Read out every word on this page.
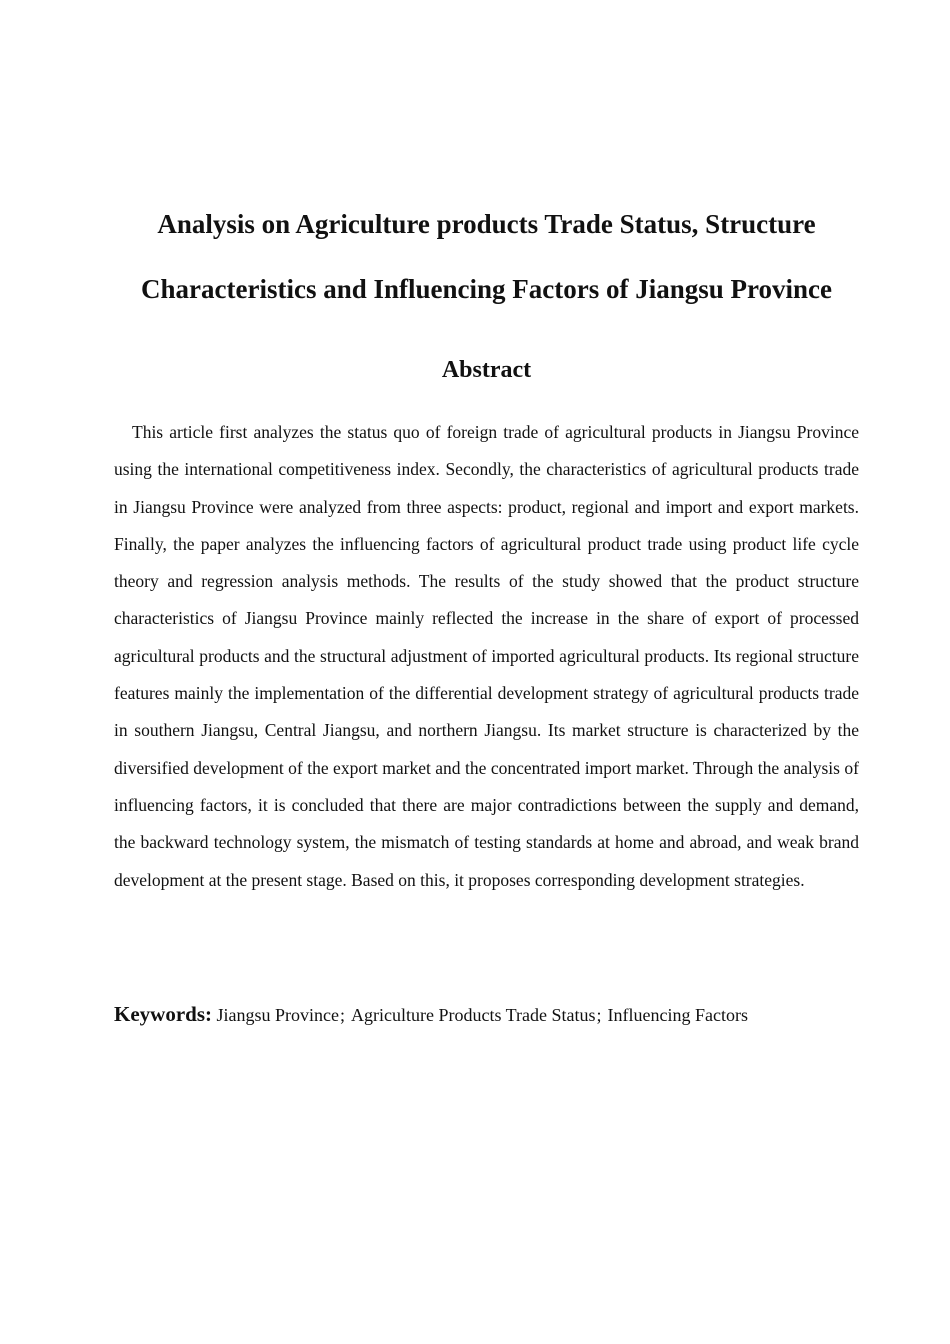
Analysis on Agriculture products Trade Status, Structure
Characteristics and Influencing Factors of Jiangsu Province
Abstract

This article first analyzes the status quo of foreign trade of agricultural products in Jiangsu Province using the international competitiveness index. Secondly, the characteristics of agricultural products trade in Jiangsu Province were analyzed from three aspects: product, regional and import and export markets. Finally, the paper analyzes the influencing factors of agricultural product trade using product life cycle theory and regression analysis methods. The results of the study showed that the product structure characteristics of Jiangsu Province mainly reflected the increase in the share of export of processed agricultural products and the structural adjustment of imported agricultural products. Its regional structure features mainly the implementation of the differential development strategy of agricultural products trade in southern Jiangsu, Central Jiangsu, and northern Jiangsu. Its market structure is characterized by the diversified development of the export market and the concentrated import market. Through the analysis of influencing factors, it is concluded that there are major contradictions between the supply and demand, the backward technology system, the mismatch of testing standards at home and abroad, and weak brand development at the present stage. Based on this, it proposes corresponding development strategies.

Keywords: Jiangsu Province; Agriculture Products Trade Status; Influencing Factors
